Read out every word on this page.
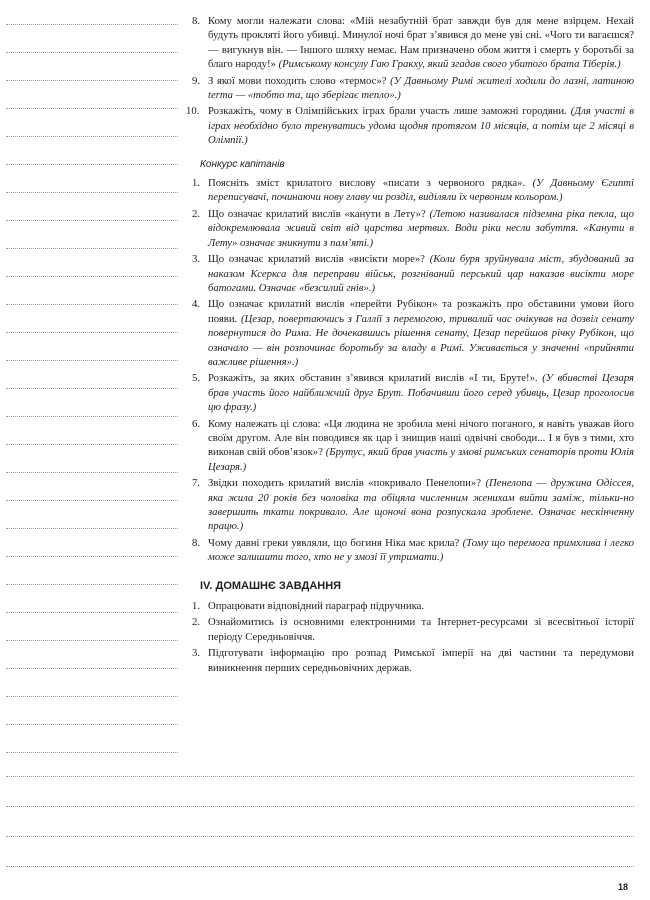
8. Кому могли належати слова: «Мій незабутній брат завжди був для мене взірцем. Нехай будуть прокляті його убивці. Минулої ночі брат з’явився до мене уві сні. «Чого ти вагаєшся? — вигукнув він. — Іншого шляху немає. Нам призначено обом життя і смерть у боротьбі за благо народу!» (Римському консулу Гаю Гракху, який згадав свого убитого брата Тіберія.)
9. З якої мови походить слово «термос»? (У Давньому Римі жителі ходили до лазні, латиною terma — «тобто та, що зберігає тепло».)
10. Розкажіть, чому в Олімпійських іграх брали участь лише заможні городяни. (Для участі в іграх необхідно було тренуватись удома щодня протягом 10 місяців, а потім ще 2 місяці в Олімпії.)
Конкурс капітанів
1. Поясніть зміст крилатого вислову «писати з червоного рядка». (У Давньому Єгипті переписувачі, починаючи нову главу чи розділ, виділяли їх червоним кольором.)
2. Що означає крилатий вислів «канути в Лету»? (Летою називалася підземна ріка пекла, що відокремлювала живий світ від царства мертвих. Води ріки несли забуття. «Канути в Лету» означає зникнути з пам’яті.)
3. Що означає крилатий вислів «висікти море»? (Коли буря зруйнувала міст, збудований за наказом Ксеркса для переправи військ, розгніваний перський цар наказав висікти море батогами. Означає «безсилий гнів».)
4. Що означає крилатий вислів «перейти Рубікон» та розкажіть про обставини умови його появи. (Цезар, повертаючись з Галлії з перемогою, тривалий час очікував на дозвіл сенату повернутися до Рима. Не дочекавшись рішення сенату, Цезар перейшов річку Рубікон, що означало — він розпочинає боротьбу за владу в Римі. Уживається у значенні «прийняти важливе рішення».)
5. Розкажіть, за яких обставин з’явився крилатий вислів «І ти, Бруте!». (У вбивстві Цезаря брав участь його найближчий друг Брут. Побачивши його серед убивць, Цезар проголосив цю фразу.)
6. Кому належать ці слова: «Ця людина не зробила мені нічого поганого, я навіть уважав його своїм другом. Але він поводився як цар і знищив наші одвічні свободи... І я був з тими, хто виконав свій обов’язок»? (Брутус, який брав участь у змові римських сенаторів проти Юлія Цезаря.)
7. Звідки походить крилатий вислів «покривало Пенелопи»? (Пенелопа — дружина Одіссея, яка жила 20 років без чоловіка та обіцяла численним женихам вийти заміж, тільки-но завершить ткати покривало. Але щоночі вона розпускала зроблене. Означає нескінченну працю.)
8. Чому давні греки уявляли, що богиня Ніка має крила? (Тому що перемога примхлива і легко може залишити того, хто не у змозі її утримати.)
IV. ДОМАШНЄ ЗАВДАННЯ
1. Опрацювати відповідний параграф підручника.
2. Ознайомитись із основними електронними та Інтернет-ресурсами зі всесвітньої історії періоду Середньовіччя.
3. Підготувати інформацію про розпад Римської імперії на дві частини та передумови виникнення перших середньовічних держав.
18
